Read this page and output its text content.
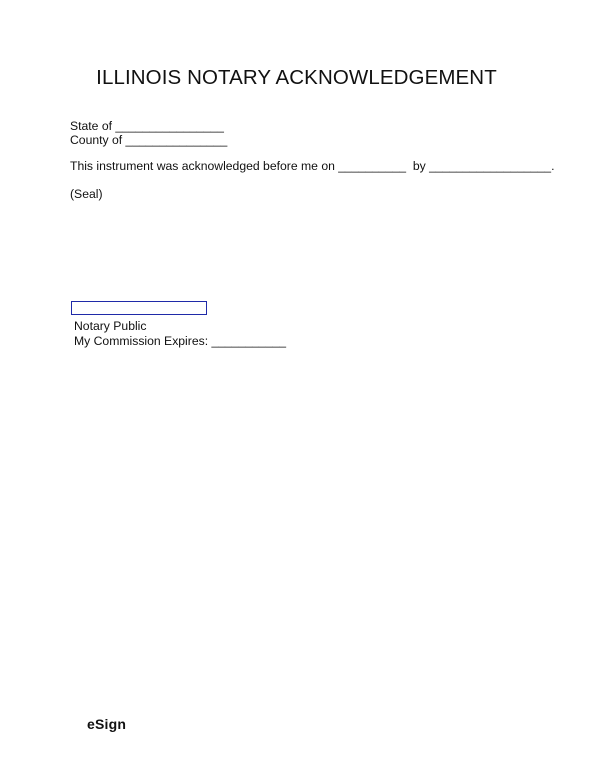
ILLINOIS NOTARY ACKNOWLEDGEMENT
State of ________________
County of _______________
This instrument was acknowledged before me on __________  by __________________.
(Seal)
Notary Public
My Commission Expires: ___________
eSign
